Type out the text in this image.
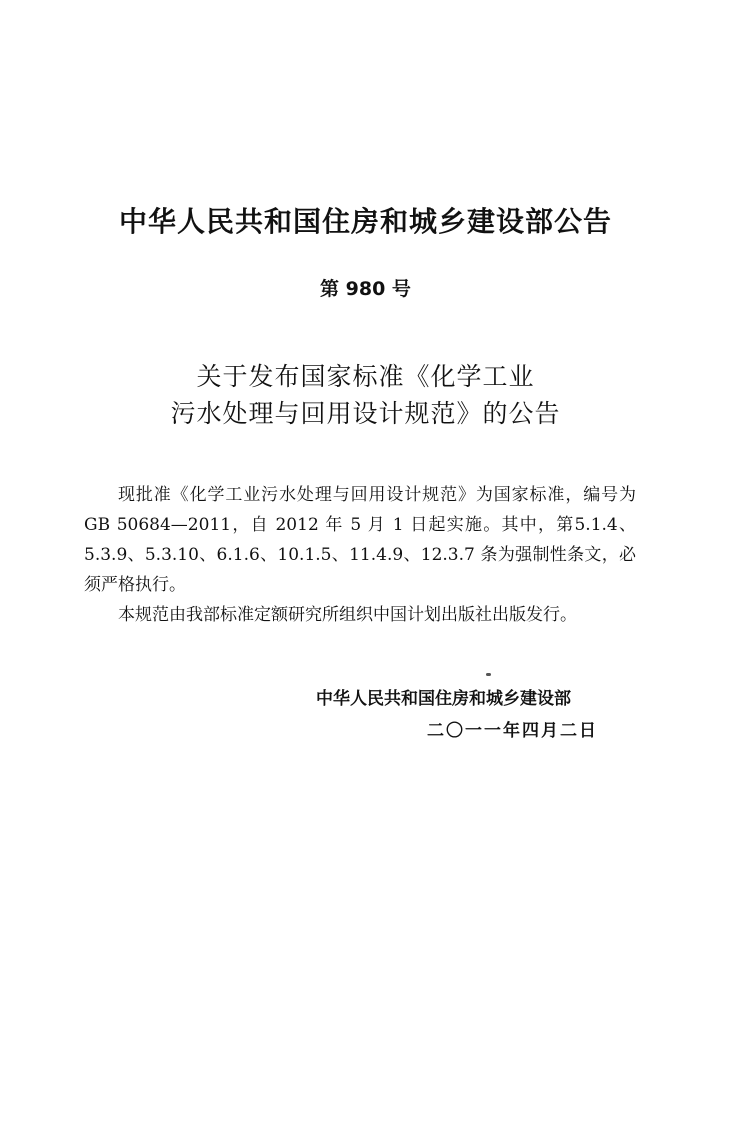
中华人民共和国住房和城乡建设部公告
第 980 号
关于发布国家标准《化学工业
污水处理与回用设计规范》的公告

现批准《化学工业污水处理与回用设计规范》为国家标准，编号为GB 50684—2011，自 2012 年 5 月 1 日起实施。其中，第5.1.4、5.3.9、5.3.10、6.1.6、10.1.5、11.4.9、12.3.7 条为强制性条文，必须严格执行。

本规范由我部标准定额研究所组织中国计划出版社出版发行。

中华人民共和国住房和城乡建设部
二〇一一年四月二日
